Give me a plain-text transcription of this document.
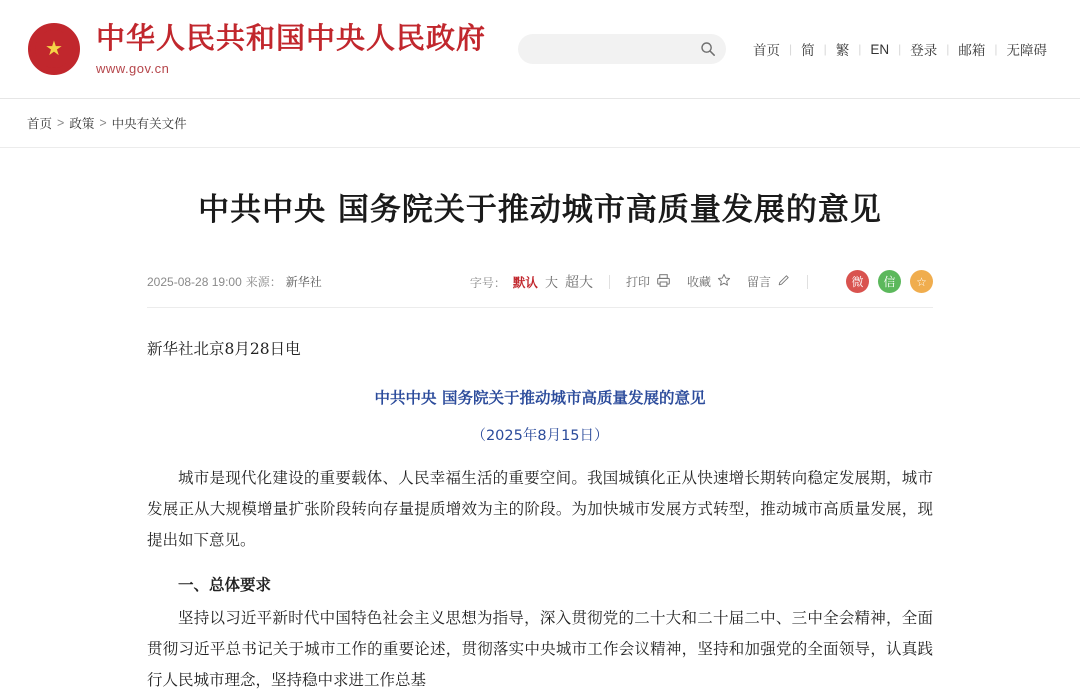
★ 中华人民共和国中央人民政府
www.gov.cn
首页 | 简 | 繁 | EN | 登录 | 邮箱 | 无障碍
首页 > 政策 > 中央有关文件
中共中央 国务院关于推动城市高质量发展的意见
2025-08-28 19:00 来源： 新华社	字号： 默认 大 超大	打印	收藏	留言	微	信	☆

新华社北京8月28日电

中共中央 国务院关于推动城市高质量发展的意见

（2025年8月15日）

城市是现代化建设的重要载体、人民幸福生活的重要空间。我国城镇化正从快速增长期转向稳定发展期，城市发展正从大规模增量扩张阶段转向存量提质增效为主的阶段。为加快城市发展方式转型，推动城市高质量发展，现提出如下意见。

一、总体要求

坚持以习近平新时代中国特色社会主义思想为指导，深入贯彻党的二十大和二十届二中、三中全会精神，全面贯彻习近平总书记关于城市工作的重要论述，贯彻落实中央城市工作会议精神，坚持和加强党的全面领导，认真践行人民城市理念，坚持稳中求进工作总基
